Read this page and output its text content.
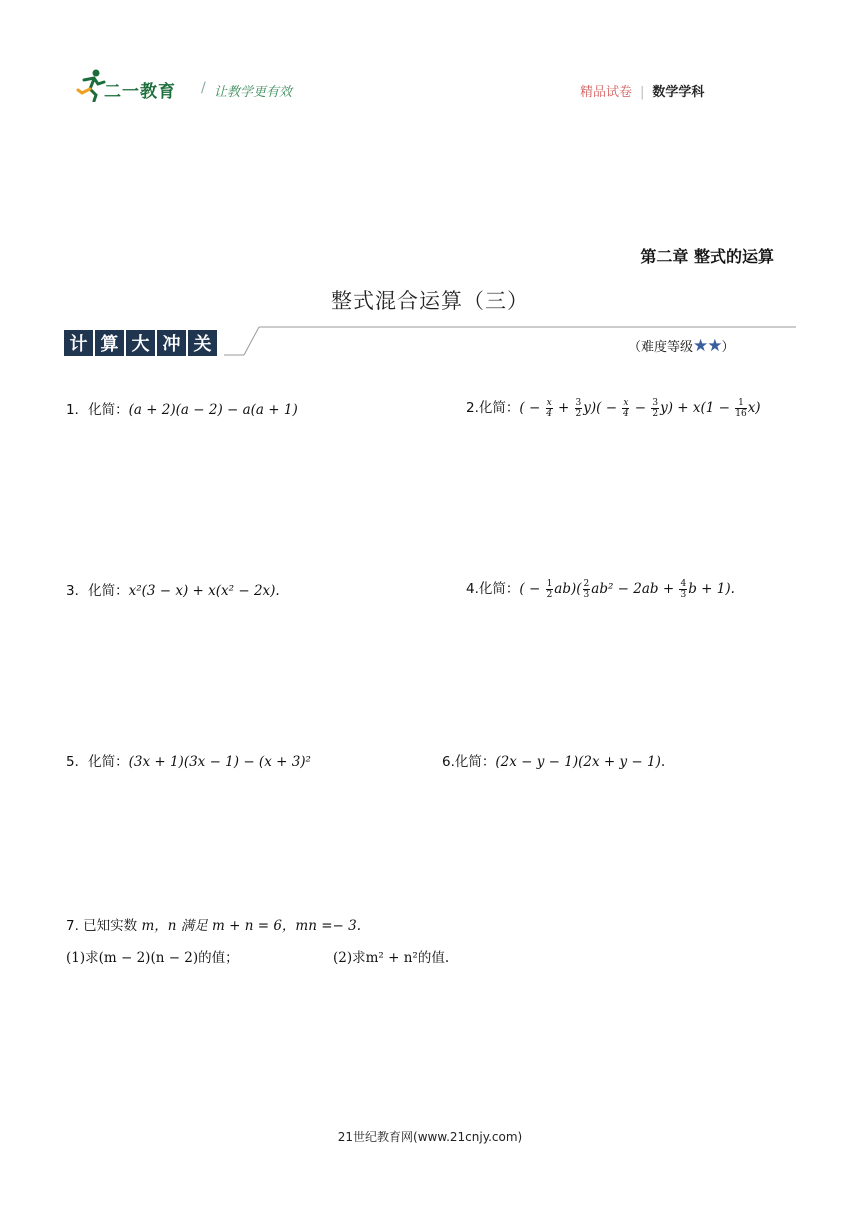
二一教育 / 让教学更有效	精品试卷 | 数学学科
第二章 整式的运算
整式混合运算（三）
计 算 大 冲 关	（难度等级★★）
1．化简：(a + 2)(a − 2) − a(a + 1)	2.化简：( − $\frac{x}{4} + \frac{3}{2} y)( - \frac{x}{4} - \frac{3}{2} y) + x(1 - \frac{1}{16} x)$
3．化简：x²(3 − x) + x(x² − 2x).	4.化简：( − $\frac{1}{2} ab)( \frac{2}{3} ab^2 - 2ab + \frac{4}{3}$ b + 1).
5．化简：(3x + 1)(3x − 1) − (x + 3)²	6.化简：(2x − y − 1)(2x + y − 1).
7. 已知实数 m，n 满足 m + n = 6，mn =− 3.
(1)求(m − 2)(n − 2)的值；	(2)求m² + n²的值.
21世纪教育网(www.21cnjy.com)
